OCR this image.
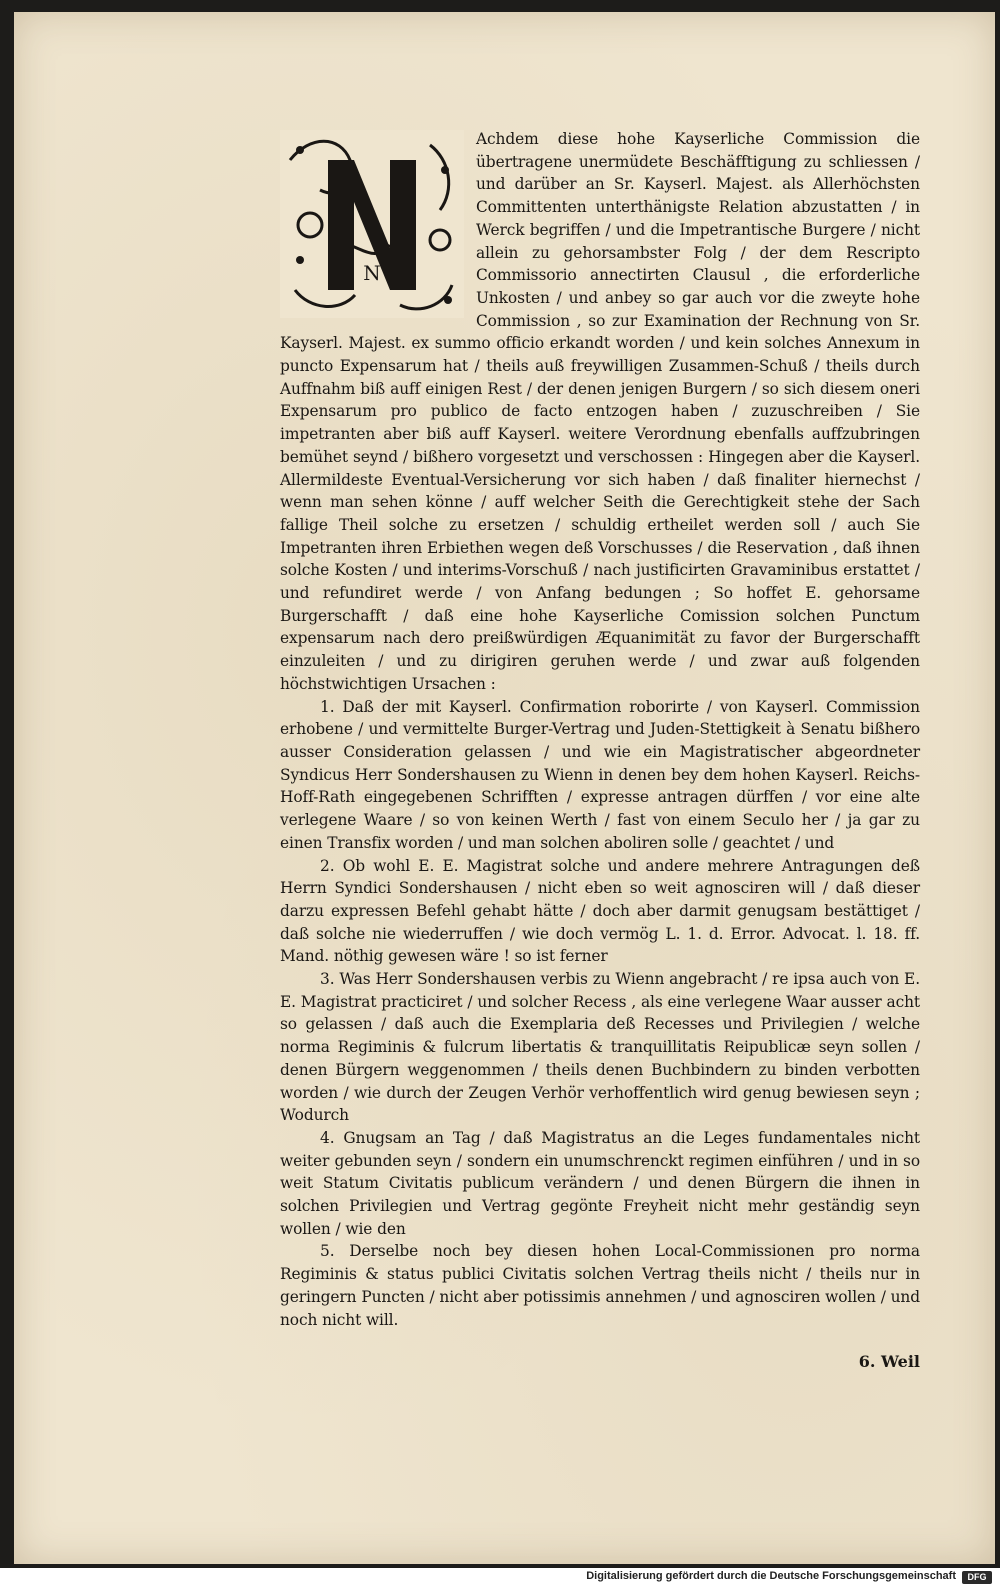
N

Achdem diese hohe Kayserliche Commission die übertragene unermüdete Beschäfftigung zu schliessen / und darüber an Sr. Kayserl. Majest. als Allerhöchsten Committenten unterthänigste Relation abzustatten / in Werck begriffen / und die Impetrantische Burgere / nicht allein zu gehorsambster Folg / der dem Rescripto Commissorio annectirten Clausul , die erforderliche Unkosten / und anbey so gar auch vor die zweyte hohe Commission , so zur Examination der Rechnung von Sr. Kayserl. Majest. ex summo officio erkandt worden / und kein solches Annexum in puncto Expensarum hat / theils auß freywilligen Zusammen-Schuß / theils durch Auffnahm biß auff einigen Rest / der denen jenigen Burgern / so sich diesem oneri Expensarum pro publico de facto entzogen haben / zuzuschreiben / Sie impetranten aber biß auff Kayserl. weitere Verordnung ebenfalls auffzubringen bemühet seynd / bißhero vorgesetzt und verschossen : Hingegen aber die Kayserl. Allermildeste Eventual-Versicherung vor sich haben / daß finaliter hiernechst / wenn man sehen könne / auff welcher Seith die Gerechtigkeit stehe der Sach fallige Theil solche zu ersetzen / schuldig ertheilet werden soll / auch Sie Impetranten ihren Erbiethen wegen deß Vorschusses / die Reservation , daß ihnen solche Kosten / und interims-Vorschuß / nach justificirten Gravaminibus erstattet / und refundiret werde / von Anfang bedungen ; So hoffet E. gehorsame Burgerschafft / daß eine hohe Kayserliche Comission solchen Punctum expensarum nach dero preißwürdigen Æquanimität zu favor der Burgerschafft einzuleiten / und zu dirigiren geruhen werde / und zwar auß folgenden höchstwichtigen Ursachen :

1. Daß der mit Kayserl. Confirmation roborirte / von Kayserl. Commission erhobene / und vermittelte Burger-Vertrag und Juden-Stettigkeit à Senatu bißhero ausser Consideration gelassen / und wie ein Magistratischer abgeordneter Syndicus Herr Sondershausen zu Wienn in denen bey dem hohen Kayserl. Reichs-Hoff-Rath eingegebenen Schrifften / expresse antragen dürffen / vor eine alte verlegene Waare / so von keinen Werth / fast von einem Seculo her / ja gar zu einen Transfix worden / und man solchen aboliren solle / geachtet / und

2. Ob wohl E. E. Magistrat solche und andere mehrere Antragungen deß Herrn Syndici Sondershausen / nicht eben so weit agnosciren will / daß dieser darzu expressen Befehl gehabt hätte / doch aber darmit genugsam bestättiget / daß solche nie wiederruffen / wie doch vermög L. 1. d. Error. Advocat. l. 18. ff. Mand. nöthig gewesen wäre ! so ist ferner

3. Was Herr Sondershausen verbis zu Wienn angebracht / re ipsa auch von E. E. Magistrat practiciret / und solcher Recess , als eine verlegene Waar ausser acht so gelassen / daß auch die Exemplaria deß Recesses und Privilegien / welche norma Regiminis & fulcrum libertatis & tranquillitatis Reipublicæ seyn sollen / denen Bürgern weggenommen / theils denen Buchbindern zu binden verbotten worden / wie durch der Zeugen Verhör verhoffentlich wird genug bewiesen seyn ; Wodurch

4. Gnugsam an Tag / daß Magistratus an die Leges fundamentales nicht weiter gebunden seyn / sondern ein unumschrenckt regimen einführen / und in so weit Statum Civitatis publicum verändern / und denen Bürgern die ihnen in solchen Privilegien und Vertrag gegönte Freyheit nicht mehr geständig seyn wollen / wie den

5. Derselbe noch bey diesen hohen Local-Commissionen pro norma Regiminis & status publici Civitatis solchen Vertrag theils nicht / theils nur in geringern Puncten / nicht aber potissimis annehmen / und agnosciren wollen / und noch nicht will.

6. Weil
Digitalisierung gefördert durch die Deutsche Forschungsgemeinschaft	DFG
